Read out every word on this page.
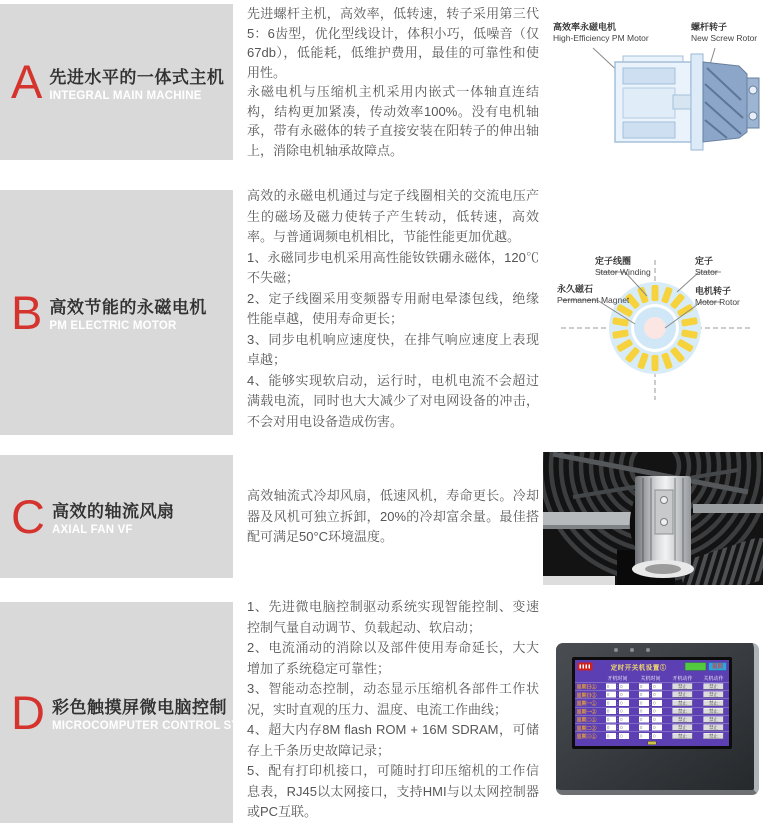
A 先进水平的一体式主机
INTEGRAL MAIN MACHINE

先进螺杆主机，高效率，低转速，转子采用第三代5：6齿型，优化型线设计，体积小巧，低噪音（仅67db），低能耗，低维护费用，最佳的可靠性和使用性。

永磁电机与压缩机主机采用内嵌式一体轴直连结构，结构更加紧凑，传动效率100%。没有电机轴承，带有永磁体的转子直接安装在阳转子的伸出轴上，消除电机轴承故障点。

高效率永磁电机
High-Efficiency PM Motor
螺杆转子
New Screw Rotor
B 高效节能的永磁电机
PM ELECTRIC MOTOR

高效的永磁电机通过与定子线圈相关的交流电压产生的磁场及磁力使转子产生转动，低转速，高效率。与普通调频电机相比，节能性能更加优越。

1、永磁同步电机采用高性能钕铁硼永磁体，120℃不失磁；

2、定子线圈采用变频器专用耐电晕漆包线，绝缘性能卓越，使用寿命更长；

3、同步电机响应速度快，在排气响应速度上表现卓越；

4、能够实现软启动，运行时，电机电流不会超过满载电流，同时也大大减少了对电网设备的冲击，不会对用电设备造成伤害。

定子线圈
Stator Winding
定子
Stator
永久磁石
Permanent Magnet
电机转子
Motor Rotor
C 高效的轴流风扇
AXIAL FAN VF

高效轴流式冷却风扇，低速风机，寿命更长。冷却器及风机可独立拆卸，20%的冷却富余量。最佳搭配可满足50°C环境温度。

D 彩色触摸屏微电脑控制
MICROCOMPUTER CONTROL SYSTEM

1、先进微电脑控制驱动系统实现智能控制、变速控制气量自动调节、负载起动、软启动；

2、电流涌动的消除以及部件使用寿命延长，大大增加了系统稳定可靠性；

3、智能动态控制，动态显示压缩机各部件工作状况，实时直观的压力、温度、电流工作曲线；

4、超大内存8M flash ROM + 16M SDRAM，可储存上千条历史故障记录；

5、配有打印机接口，可随时打印压缩机的工作信息表，RJ45以太网接口，支持HMI与以太网控制器或PC互联。

定时开关机设置①	返回
开机时间	关机时间	开机动作	关机动作
星期日①	0 : 0	0 : 0	禁止	禁止
星期日②	0 : 0	0 : 0	禁止	禁止
星期一①	0 : 0	0 : 0	禁止	禁止
星期一②	0 : 0	0 : 0	禁止	禁止
星期二①	0 : 0	0 : 0	禁止	禁止
星期二②	0 : 0	0 : 0	禁止	禁止
星期三①	0 : 0	0 : 0	禁止	禁止
